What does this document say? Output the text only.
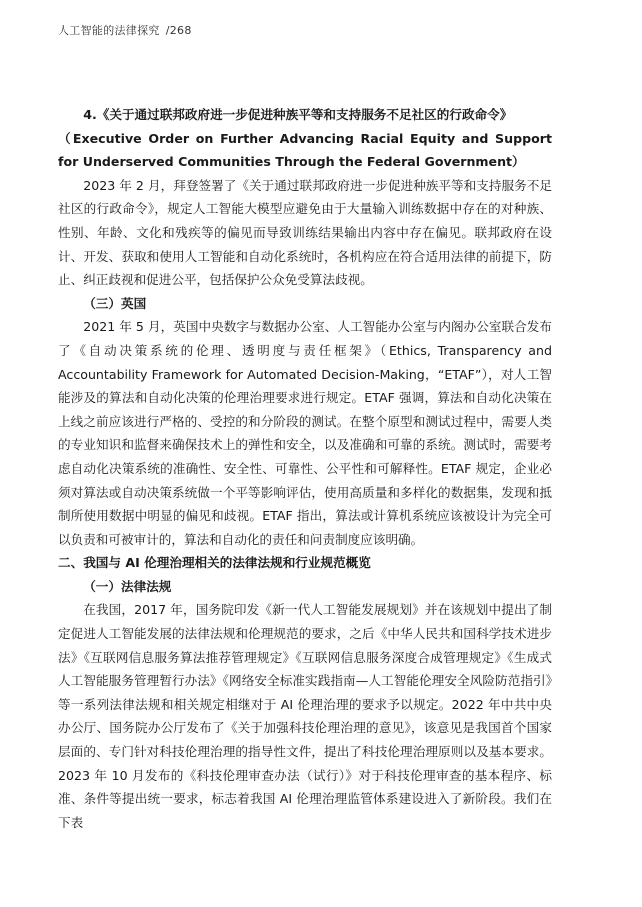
人工智能的法律探究 /268

4.《关于通过联邦政府进一步促进种族平等和支持服务不足社区的行政命令》

（Executive Order on Further Advancing Racial Equity and Support for Underserved Communities Through the Federal Government）

2023 年 2 月，拜登签署了《关于通过联邦政府进一步促进种族平等和支持服务不足社区的行政命令》，规定人工智能大模型应避免由于大量输入训练数据中存在的对种族、性别、年龄、文化和残疾等的偏见而导致训练结果输出内容中存在偏见。联邦政府在设计、开发、获取和使用人工智能和自动化系统时，各机构应在符合适用法律的前提下，防止、纠正歧视和促进公平，包括保护公众免受算法歧视。

（三）英国

2021 年 5 月，英国中央数字与数据办公室、人工智能办公室与内阁办公室联合发布了《自动决策系统的伦理、透明度与责任框架》（Ethics, Transparency and Accountability Framework for Automated Decision-Making，“ETAF”），对人工智能涉及的算法和自动化决策的伦理治理要求进行规定。ETAF 强调，算法和自动化决策在上线之前应该进行严格的、受控的和分阶段的测试。在整个原型和测试过程中，需要人类的专业知识和监督来确保技术上的弹性和安全，以及准确和可靠的系统。测试时，需要考虑自动化决策系统的准确性、安全性、可靠性、公平性和可解释性。ETAF 规定，企业必须对算法或自动决策系统做一个平等影响评估，使用高质量和多样化的数据集，发现和抵制所使用数据中明显的偏见和歧视。ETAF 指出，算法或计算机系统应该被设计为完全可以负责和可被审计的，算法和自动化的责任和问责制度应该明确。

二、我国与 AI 伦理治理相关的法律法规和行业规范概览

（一）法律法规

在我国，2017 年，国务院印发《新一代人工智能发展规划》并在该规划中提出了制定促进人工智能发展的法律法规和伦理规范的要求，之后《中华人民共和国科学技术进步法》《互联网信息服务算法推荐管理规定》《互联网信息服务深度合成管理规定》《生成式人工智能服务管理暂行办法》《网络安全标准实践指南—人工智能伦理安全风险防范指引》等一系列法律法规和相关规定相继对于 AI 伦理治理的要求予以规定。2022 年中共中央办公厅、国务院办公厅发布了《关于加强科技伦理治理的意见》，该意见是我国首个国家层面的、专门针对科技伦理治理的指导性文件，提出了科技伦理治理原则以及基本要求。2023 年 10 月发布的《科技伦理审查办法（试行）》对于科技伦理审查的基本程序、标准、条件等提出统一要求，标志着我国 AI 伦理治理监管体系建设进入了新阶段。我们在下表
